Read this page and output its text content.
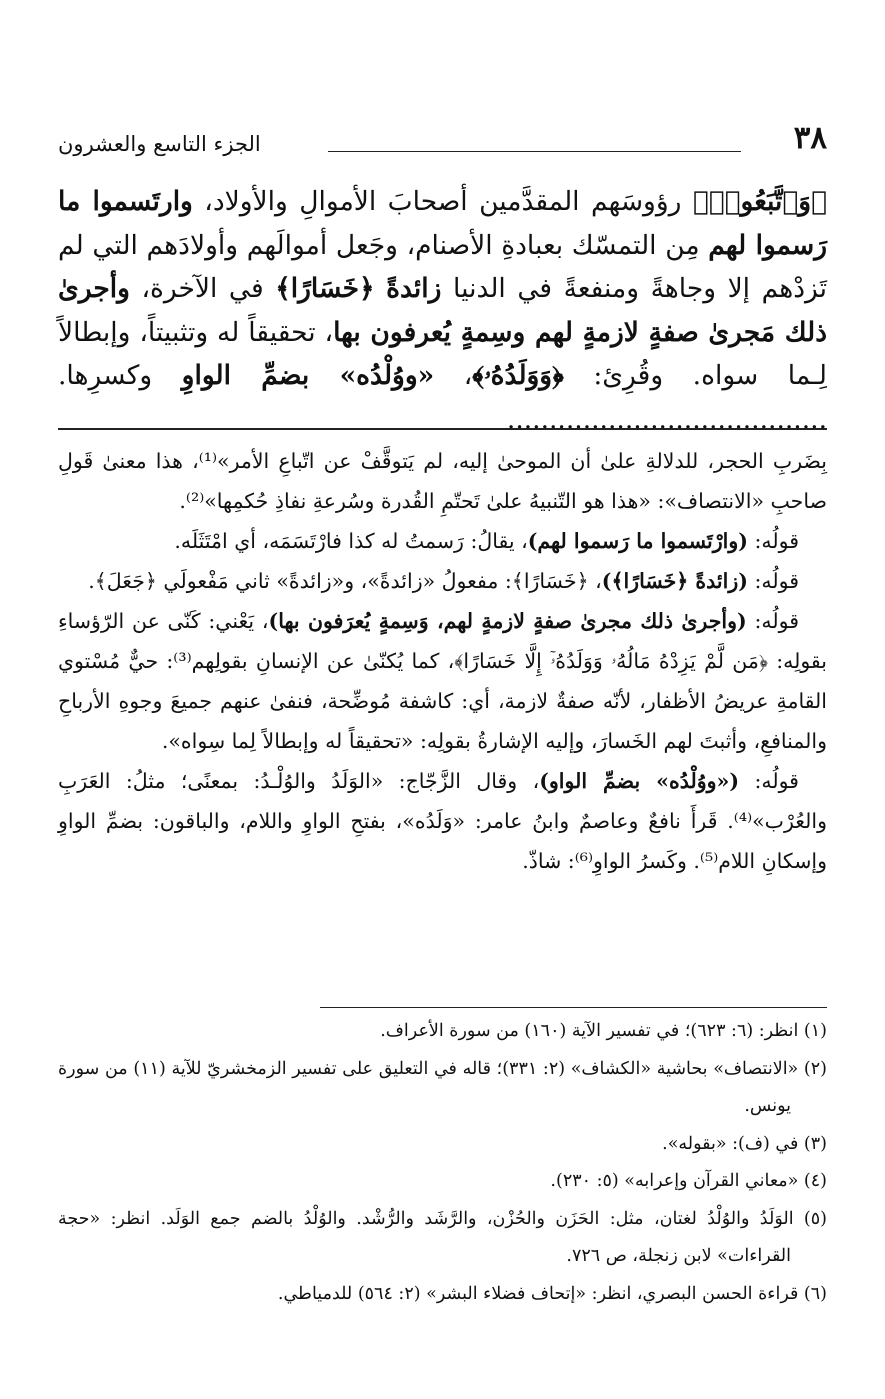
الجزء التاسع والعشرون	٣٨
﴿وَٱتَّبَعُوا۟﴾ رؤوسَهم المقدَّمين أصحابَ الأموالِ والأولاد، وارتَسموا ما رَسموا لهم مِن التمسّك بعبادةِ الأصنام، وجَعل أموالَهم وأولادَهم التي لم تَزدْهم إلا وجاهةً ومنفعةً في الدنيا زائدةً ﴿خَسَارًا﴾ في الآخرة، وأجرىٰ ذلك مَجرىٰ صفةٍ لازمةٍ لهم وسِمةٍ يُعرفون بها، تحقيقاً له وتثبيتاً، وإبطالاً لِـما سواه. وقُرِئ: ﴿وَوَلَدُهُۥ﴾، «ووُلْدُه» بضمِّ الواوِ وكسرِها. ......................................

بِضَربِ الحجر، للدلالةِ علىٰ أن الموحىٰ إليه، لم يَتوقَّفْ عن اتّباعِ الأمر»⁽¹⁾، هذا معنىٰ قَولِ صاحبِ «الانتصاف»: «هذا هو التّنبيهُ علىٰ تَحتّمِ القُدرة وسُرعةِ نفاذِ حُكمِها»⁽²⁾.

قولُه: (وارْتَسموا ما رَسموا لهم)، يقالُ: رَسمتُ له كذا فارْتَسَمَه، أي امْتَثَلَه.

قولُه: (زائدةً ﴿خَسَارًا﴾)، ﴿خَسَارًا﴾: مفعولُ «زائدةً»، و«زائدةً» ثاني مَفْعولَي ﴿جَعَلَ﴾.

قولُه: (وأجرىٰ ذلك مجرىٰ صفةٍ لازمةٍ لهم، وَسِمةٍ يُعرَفون بها)، يَعْني: كَنّى عن الرّؤساءِ بقولِه: ﴿مَن لَّمْ يَزِدْهُ مَالُهُۥ وَوَلَدُهُۥٓ إِلَّا خَسَارًا﴾، كما يُكنّىٰ عن الإنسانِ بقولِهم⁽³⁾: حيٌّ مُسْتوي القامةِ عريضُ الأظفار، لأنّه صفةٌ لازمة، أي: كاشفة مُوضِّحة، فنفىٰ عنهم جميعَ وجوهِ الأرباحِ والمنافعِ، وأثبتَ لهم الخَسارَ، وإليه الإشارةُ بقولِه: «تحقيقاً له وإبطالاً لِما سِواه».

قولُه: («ووُلْدُه» بضمِّ الواو)، وقال الزَّجّاج: «الوَلَدُ والوُلْـدُ: بمعنًى؛ مثلُ: العَرَبِ والعُرْب»⁽⁴⁾. قَرأَ نافعٌ وعاصمٌ وابنُ عامر: «وَلَدُه»، بفتحِ الواوِ واللام، والباقون: بضمِّ الواوِ وإسكانِ اللام⁽⁵⁾. وكَسرُ الواوِ⁽⁶⁾: شاذّ.

(١) انظر: (٦: ٦٢٣)؛ في تفسير الآية (١٦٠) من سورة الأعراف.

(٢) «الانتصاف» بحاشية «الكشاف» (٢: ٣٣١)؛ قاله في التعليق على تفسير الزمخشريّ للآية (١١) من سورة يونس.

(٣) في (ف): «بقوله».

(٤) «معاني القرآن وإعرابه» (٥: ٢٣٠).

(٥) الوَلَدُ والوُلْدُ لغتان، مثل: الحَزَن والحُزْن، والرَّشَد والرُّشْد. والوُلْدُ بالضم جمع الوَلَد. انظر: «حجة القراءات» لابن زنجلة، ص ٧٢٦.

(٦) قراءة الحسن البصري، انظر: «إتحاف فضلاء البشر» (٢: ٥٦٤) للدمياطي.
